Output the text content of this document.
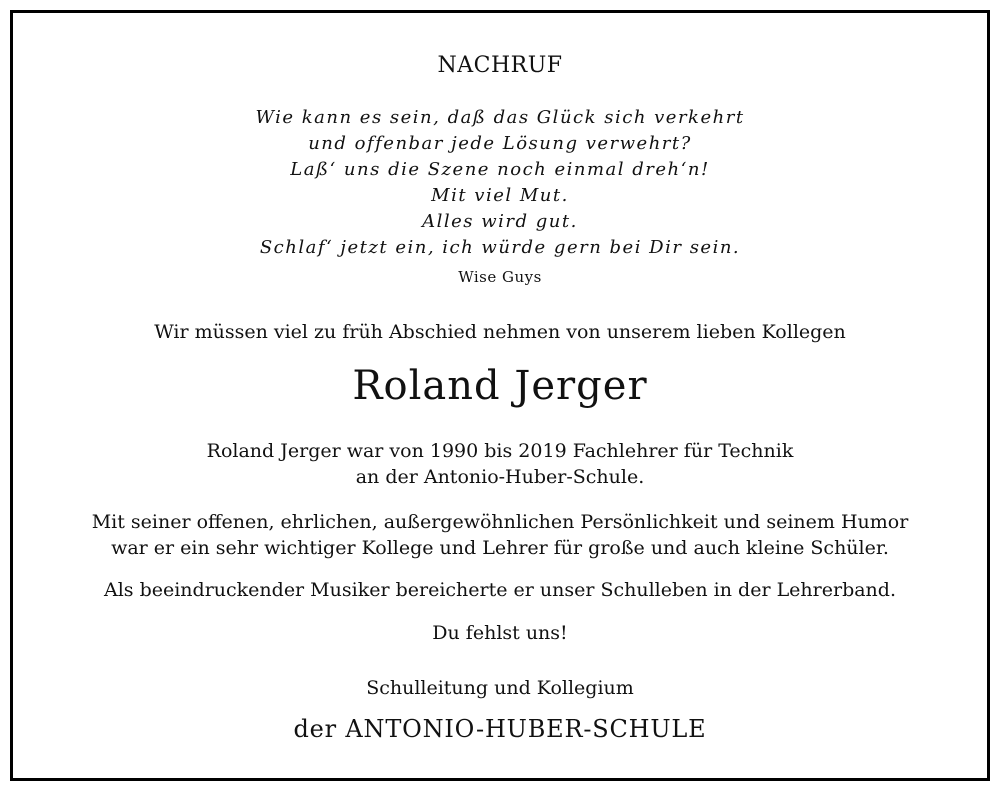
NACHRUF
Wie kann es sein, daß das Glück sich verkehrt
und offenbar jede Lösung verwehrt?
Laß‘ uns die Szene noch einmal dreh‘n!
Mit viel Mut.
Alles wird gut.
Schlaf‘ jetzt ein, ich würde gern bei Dir sein.
Wise Guys
Wir müssen viel zu früh Abschied nehmen von unserem lieben Kollegen
Roland Jerger
Roland Jerger war von 1990 bis 2019 Fachlehrer für Technik
an der Antonio-Huber-Schule.
Mit seiner offenen, ehrlichen, außergewöhnlichen Persönlichkeit und seinem Humor
war er ein sehr wichtiger Kollege und Lehrer für große und auch kleine Schüler.
Als beeindruckender Musiker bereicherte er unser Schulleben in der Lehrerband.
Du fehlst uns!
Schulleitung und Kollegium
der ANTONIO-HUBER-SCHULE
